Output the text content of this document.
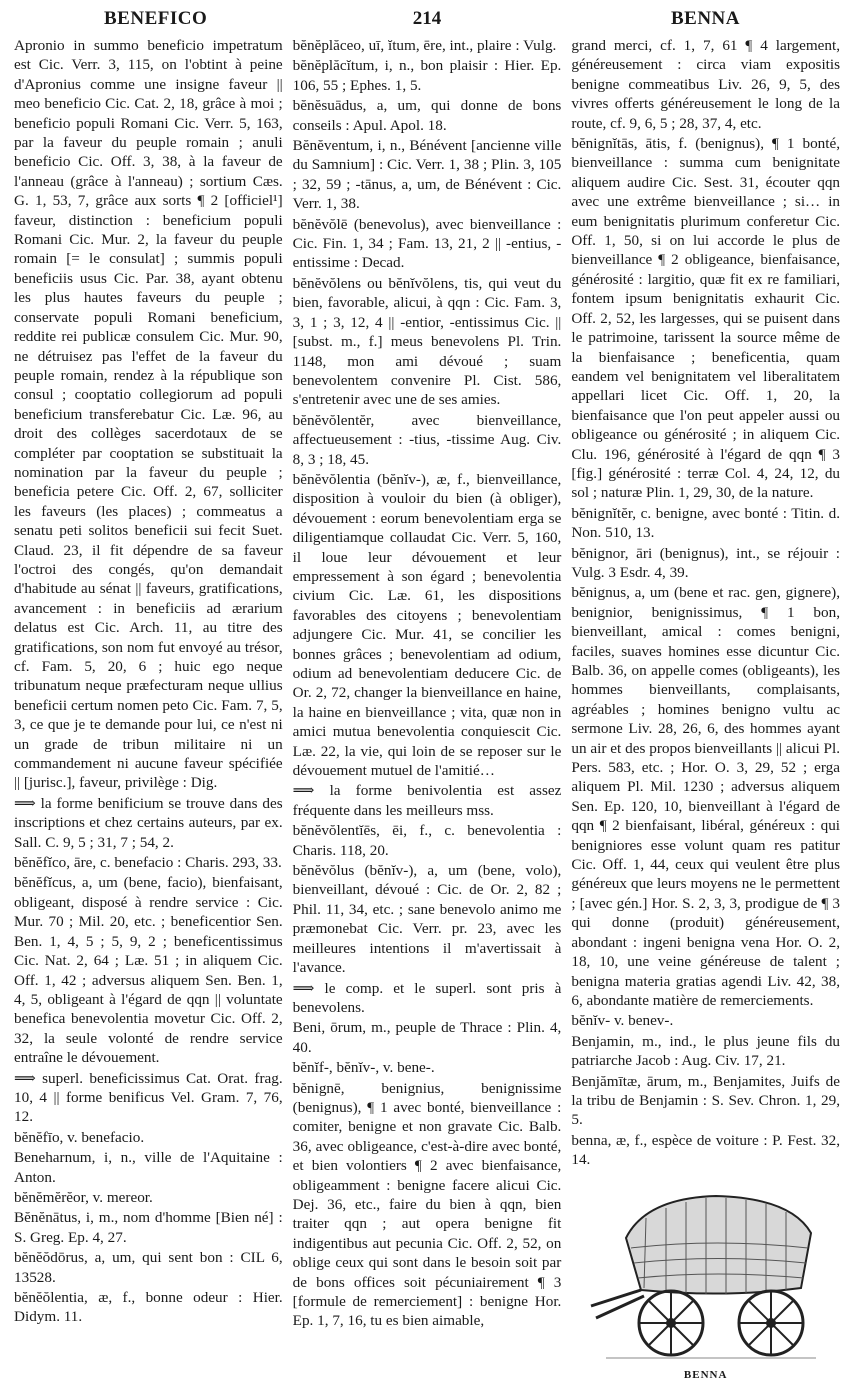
BENEFICO	214	BENNA

Apronio in summo beneficio impetratum est Cic. Verr. 3, 115, on l'obtint à peine d'Apronius comme une insigne faveur || meo beneficio Cic. Cat. 2, 18, grâce à moi ; beneficio populi Romani Cic. Verr. 5, 163, par la faveur du peuple romain ; anuli beneficio Cic. Off. 3, 38, à la faveur de l'anneau (grâce à l'anneau) ; sortium Cæs. G. 1, 53, 7, grâce aux sorts ¶ 2 [officiel¹] faveur, distinction : beneficium populi Romani Cic. Mur. 2, la faveur du peuple romain [= le consulat] ; summis populi beneficiis usus Cic. Par. 38, ayant obtenu les plus hautes faveurs du peuple ; conservate populi Romani beneficium, reddite rei publicæ consulem Cic. Mur. 90, ne détruisez pas l'effet de la faveur du peuple romain, rendez à la république son consul ; cooptatio collegiorum ad populi beneficium transferebatur Cic. Læ. 96, au droit des collèges sacerdotaux de se compléter par cooptation se substituait la nomination par la faveur du peuple ; beneficia petere Cic. Off. 2, 67, solliciter les faveurs (les places) ; commeatus a senatu peti solitos beneficii sui fecit Suet. Claud. 23, il fit dépendre de sa faveur l'octroi des congés, qu'on demandait d'habitude au sénat || faveurs, gratifications, avancement : in beneficiis ad ærarium delatus est Cic. Arch. 11, au titre des gratifications, son nom fut envoyé au trésor, cf. Fam. 5, 20, 6 ; huic ego neque tribunatum neque præfecturam neque ullius beneficii certum nomen peto Cic. Fam. 7, 5, 3, ce que je te demande pour lui, ce n'est ni un grade de tribun militaire ni un commandement ni aucune faveur spécifiée || [jurisc.], faveur, privilège : Dig.

⟹ la forme benificium se trouve dans des inscriptions et chez certains auteurs, par ex. Sall. C. 9, 5 ; 31, 7 ; 54, 2.

bĕnĕfĭco, āre, c. benefacio : Charis. 293, 33.

bĕnĕfĭcus, a, um (bene, facio), bienfaisant, obligeant, disposé à rendre service : Cic. Mur. 70 ; Mil. 20, etc. ; beneficentior Sen. Ben. 1, 4, 5 ; 5, 9, 2 ; beneficentissimus Cic. Nat. 2, 64 ; Læ. 51 ; in aliquem Cic. Off. 1, 42 ; adversus aliquem Sen. Ben. 1, 4, 5, obligeant à l'égard de qqn || voluntate benefica benevolentia movetur Cic. Off. 2, 32, la seule volonté de rendre service entraîne le dévouement.

⟹ superl. beneficissimus Cat. Orat. frag. 10, 4 || forme benificus Vel. Gram. 7, 76, 12.

bĕnĕfīo, v. benefacio.

Beneharnum, i, n., ville de l'Aquitaine : Anton.

bĕnĕmĕrĕor, v. mereor.

Bĕnĕnātus, i, m., nom d'homme [Bien né] : S. Greg. Ep. 4, 27.

bĕnĕŏdōrus, a, um, qui sent bon : CIL 6, 13528.

bĕnĕŏlentia, æ, f., bonne odeur : Hier. Didym. 11.

bĕnĕplăceo, uī, ĭtum, ēre, int., plaire : Vulg.

bĕnĕplăcĭtum, i, n., bon plaisir : Hier. Ep. 106, 55 ; Ephes. 1, 5.

bĕnĕsuādus, a, um, qui donne de bons conseils : Apul. Apol. 18.

Bĕnĕventum, i, n., Bénévent [ancienne ville du Samnium] : Cic. Verr. 1, 38 ; Plin. 3, 105 ; 32, 59 ; -tānus, a, um, de Bénévent : Cic. Verr. 1, 38.

bĕnĕvŏlē (benevolus), avec bienveillance : Cic. Fin. 1, 34 ; Fam. 13, 21, 2 || -entius, -entissime : Decad.

bĕnĕvŏlens ou bĕnĭvŏlens, tis, qui veut du bien, favorable, alicui, à qqn : Cic. Fam. 3, 3, 1 ; 3, 12, 4 || -entior, -entissimus Cic. || [subst. m., f.] meus benevolens Pl. Trin. 1148, mon ami dévoué ; suam benevolentem convenire Pl. Cist. 586, s'entretenir avec une de ses amies.

bĕnĕvŏlentĕr, avec bienveillance, affectueusement : -tius, -tissime Aug. Civ. 8, 3 ; 18, 45.

bĕnĕvŏlentia (bĕnĭv-), æ, f., bienveillance, disposition à vouloir du bien (à obliger), dévouement : eorum benevolentiam erga se diligentiamque collaudat Cic. Verr. 5, 160, il loue leur dévouement et leur empressement à son égard ; benevolentia civium Cic. Læ. 61, les dispositions favorables des citoyens ; benevolentiam adjungere Cic. Mur. 41, se concilier les bonnes grâces ; benevolentiam ad odium, odium ad benevolentiam deducere Cic. de Or. 2, 72, changer la bienveillance en haine, la haine en bienveillance ; vita, quæ non in amici mutua benevolentia conquiescit Cic. Læ. 22, la vie, qui loin de se reposer sur le dévouement mutuel de l'amitié…

⟹ la forme benivolentia est assez fréquente dans les meilleurs mss.

bĕnĕvŏlentĭēs, ēi, f., c. benevolentia : Charis. 118, 20.

bĕnĕvŏlus (bĕnĭv-), a, um (bene, volo), bienveillant, dévoué : Cic. de Or. 2, 82 ; Phil. 11, 34, etc. ; sane benevolo animo me præmonebat Cic. Verr. pr. 23, avec les meilleures intentions il m'avertissait à l'avance.

⟹ le comp. et le superl. sont pris à benevolens.

Beni, ōrum, m., peuple de Thrace : Plin. 4, 40.

bĕnĭf-, bĕnĭv-, v. bene-.

bĕnignē, benignius, benignissime (benignus), ¶ 1 avec bonté, bienveillance : comiter, benigne et non gravate Cic. Balb. 36, avec obligeance, c'est-à-dire avec bonté, et bien volontiers ¶ 2 avec bienfaisance, obligeamment : benigne facere alicui Cic. Dej. 36, etc., faire du bien à qqn, bien traiter qqn ; aut opera benigne fit indigentibus aut pecunia Cic. Off. 2, 52, on oblige ceux qui sont dans le besoin soit par de bons offices soit pécuniairement ¶ 3 [formule de remerciement] : benigne Hor. Ep. 1, 7, 16, tu es bien aimable,

grand merci, cf. 1, 7, 61 ¶ 4 largement, généreusement : circa viam expositis benigne commeatibus Liv. 26, 9, 5, des vivres offerts généreusement le long de la route, cf. 9, 6, 5 ; 28, 37, 4, etc.

bĕnignĭtās, ātis, f. (benignus), ¶ 1 bonté, bienveillance : summa cum benignitate aliquem audire Cic. Sest. 31, écouter qqn avec une extrême bienveillance ; si… in eum benignitatis plurimum conferetur Cic. Off. 1, 50, si on lui accorde le plus de bienveillance ¶ 2 obligeance, bienfaisance, générosité : largitio, quæ fit ex re familiari, fontem ipsum benignitatis exhaurit Cic. Off. 2, 52, les largesses, qui se puisent dans le patrimoine, tarissent la source même de la bienfaisance ; beneficentia, quam eandem vel benignitatem vel liberalitatem appellari licet Cic. Off. 1, 20, la bienfaisance que l'on peut appeler aussi ou obligeance ou générosité ; in aliquem Cic. Clu. 196, générosité à l'égard de qqn ¶ 3 [fig.] générosité : terræ Col. 4, 24, 12, du sol ; naturæ Plin. 1, 29, 30, de la nature.

bĕnignĭtĕr, c. benigne, avec bonté : Titin. d. Non. 510, 13.

bĕnignor, āri (benignus), int., se réjouir : Vulg. 3 Esdr. 4, 39.

bĕnignus, a, um (bene et rac. gen, gignere), benignior, benignissimus, ¶ 1 bon, bienveillant, amical : comes benigni, faciles, suaves homines esse dicuntur Cic. Balb. 36, on appelle comes (obligeants), les hommes bienveillants, complaisants, agréables ; homines benigno vultu ac sermone Liv. 28, 26, 6, des hommes ayant un air et des propos bienveillants || alicui Pl. Pers. 583, etc. ; Hor. O. 3, 29, 52 ; erga aliquem Pl. Mil. 1230 ; adversus aliquem Sen. Ep. 120, 10, bienveillant à l'égard de qqn ¶ 2 bienfaisant, libéral, généreux : qui benigniores esse volunt quam res patitur Cic. Off. 1, 44, ceux qui veulent être plus généreux que leurs moyens ne le permettent ; [avec gén.] Hor. S. 2, 3, 3, prodigue de ¶ 3 qui donne (produit) généreusement, abondant : ingeni benigna vena Hor. O. 2, 18, 10, une veine généreuse de talent ; benigna materia gratias agendi Liv. 42, 38, 6, abondante matière de remerciements.

bĕnĭv- v. benev-.

Benjamin, m., ind., le plus jeune fils du patriarche Jacob : Aug. Civ. 17, 21.

Benjămītæ, ārum, m., Benjamites, Juifs de la tribu de Benjamin : S. Sev. Chron. 1, 29, 5.

benna, æ, f., espèce de voiture : P. Fest. 32, 14.

BENNA
